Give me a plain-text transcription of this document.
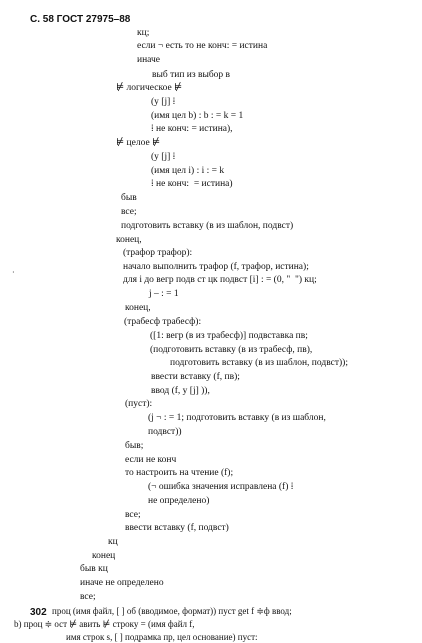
С. 58 ГОСТ 27975–88
·
кц;
если ¬ есть то не конч: = истина
иначе
выб тип из выбор в
⊭ логическое ⊭
(у [j] ⁞
(имя цел b) : b : = k = 1
⁞ не конч: = истина),
⊭ целое ⊭
(у [j] ⁞
(имя цел i) : i : = k
⁞ не конч:  = истина)
быв
все;
подготовить вставку (в из шаблон, подвст)
конец,
(трафор трафор):
начало выполнить трафор (f, трафор, истина);
для i до вегр подв ст цк подвст [i] : = (0, "  ") кц;
j – : = 1
конец,
(трабесф трабесф):
([1: вегр (в из трабесф)] подвставка пв;
(подготовить вставку (в из трабесф, пв),
подготовить вставку (в из шаблон, подвст));
ввести вставку (f, пв);
ввод (f, у [j] )),
(пуст):
(j ¬ : = 1; подготовить вставку (в из шаблон,
подвст))
быв;
если не конч
то настроить на чтение (f);
(¬ ошибка значения исправлена (f) ⁞
не определено)
все;
ввести вставку (f, подвст)
кц
конец
быв кц
иначе не определено
все;
проц (имя файл, [ ] об (вводимое, формат)) пуст get f ≑ф ввод;
b) проц ≑ ост ⊭ авить ⊭ строку = (имя файл f,
имя строк s, [ ] подрамка пр, цел основание) пуст:
302
